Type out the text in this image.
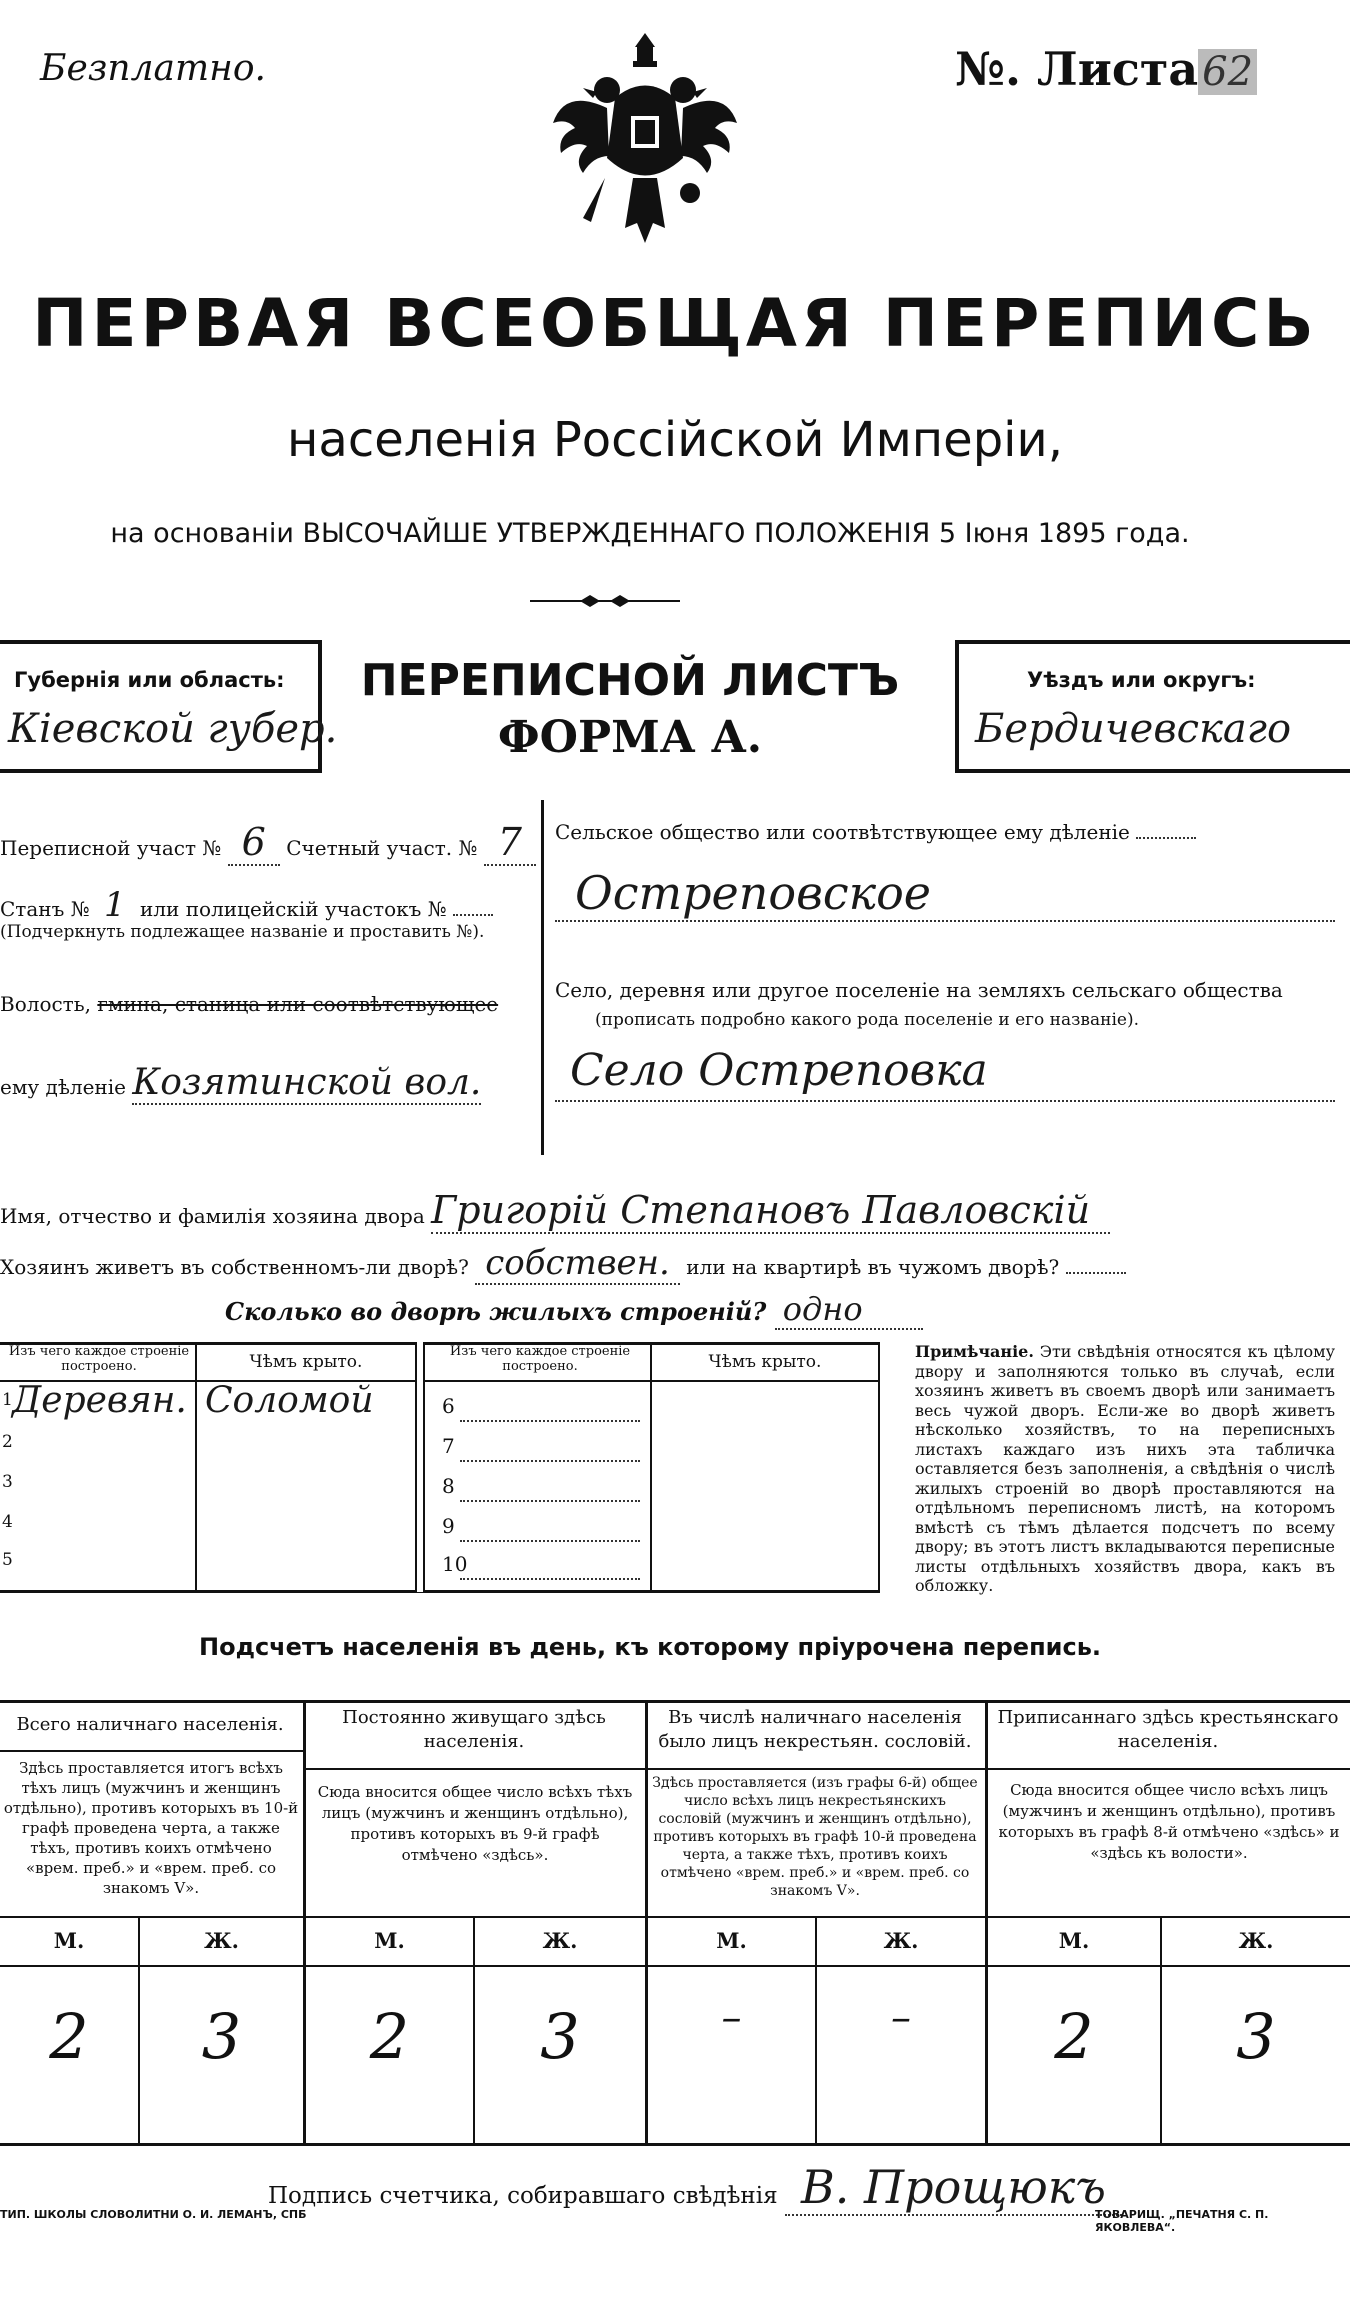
Безплатно.	№. Листа 62
ПЕРВАЯ ВСЕОБЩАЯ ПЕРЕПИСЬ
населенія Россійской Имперіи,
на основаніи ВЫСОЧАЙШЕ УТВЕРЖДЕННАГО ПОЛОЖЕНІЯ 5 Іюня 1895 года.
Губернія или область:
Кіевской губер.
ПЕРЕПИСНОЙ ЛИСТЪ
ФОРМА А.
Уѣздъ или округъ:
Бердичевскаго
Переписной участ № 6 Счетный участ. № 7
Станъ № 1 или полицейскій участокъ №
(Подчеркнуть подлежащее названіе и проставить №).
Волость, гмина, станица или соотвѣтствующее
ему дѣленіе Козятинской вол.
Сельское общество или соотвѣтствующее ему дѣленіе
Остреповское
Село, деревня или другое поселеніе на земляхъ сельскаго общества
(прописать подробно какого рода поселеніе и его названіе).
Село Остреповка
Имя, отчество и фамилія хозяина двора Григорій Степановъ Павловскій
Хозяинъ живетъ въ собственномъ-ли дворѣ? собствен. или на квартирѣ въ чужомъ дворѣ?
Сколько во дворѣ жилыхъ строеній? одно
Изъ чего каждое строеніе построено.	Чѣмъ крыто.
Изъ чего каждое строеніе построено.	Чѣмъ крыто.
1 Деревян. Соломой
2
3
4
5
6
7
8
9
10
Примѣчаніе. Эти свѣдѣнія относятся къ цѣлому двору и заполняются только въ случаѣ, если хозяинъ живетъ въ своемъ дворѣ или занимаетъ весь чужой дворъ. Если-же во дворѣ живетъ нѣсколько хозяйствъ, то на переписныхъ листахъ каждаго изъ нихъ эта табличка оставляется безъ заполненія, а свѣдѣнія о числѣ жилыхъ строеній во дворѣ проставляются на отдѣльномъ переписномъ листѣ, на которомъ вмѣстѣ съ тѣмъ дѣлается подсчетъ по всему двору; въ этотъ листъ вкладываются переписные листы отдѣльныхъ хозяйствъ двора, какъ въ обложку.
Подсчетъ населенія въ день, къ которому пріурочена перепись.
Всего наличнаго населенія.
Здѣсь проставляется итогъ всѣхъ тѣхъ лицъ (мужчинъ и женщинъ отдѣльно), противъ которыхъ въ 10-й графѣ проведена черта, а также тѣхъ, противъ коихъ отмѣчено «врем. преб.» и «врем. преб. со знакомъ V».
Постоянно живущаго здѣсь населенія.
Сюда вносится общее число всѣхъ тѣхъ лицъ (мужчинъ и женщинъ отдѣльно), противъ которыхъ въ 9-й графѣ отмѣчено «здѣсь».
Въ числѣ наличнаго населенія было лицъ некрестьян. сословій.
Здѣсь проставляется (изъ графы 6-й) общее число всѣхъ лицъ некрестьянскихъ сословій (мужчинъ и женщинъ отдѣльно), противъ которыхъ въ графѣ 10-й проведена черта, а также тѣхъ, противъ коихъ отмѣчено «врем. преб.» и «врем. преб. со знакомъ V».
Приписаннаго здѣсь крестьянскаго населенія.
Сюда вносится общее число всѣхъ лицъ (мужчинъ и женщинъ отдѣльно), противъ которыхъ въ графѣ 8-й отмѣчено «здѣсь» и «здѣсь къ волости».
М.	Ж.	М.	Ж.	М.	Ж.	М.	Ж.
2	3	2	3	–	–	2	3
Подпись счетчика, собиравшаго свѣдѣнія В. Прощюкъ
ТИП. ШКОЛЫ СЛОВОЛИТНИ О. И. ЛЕМАНЪ, СПБ	ТОВАРИЩ. „ПЕЧАТНЯ С. П. ЯКОВЛЕВА“.
